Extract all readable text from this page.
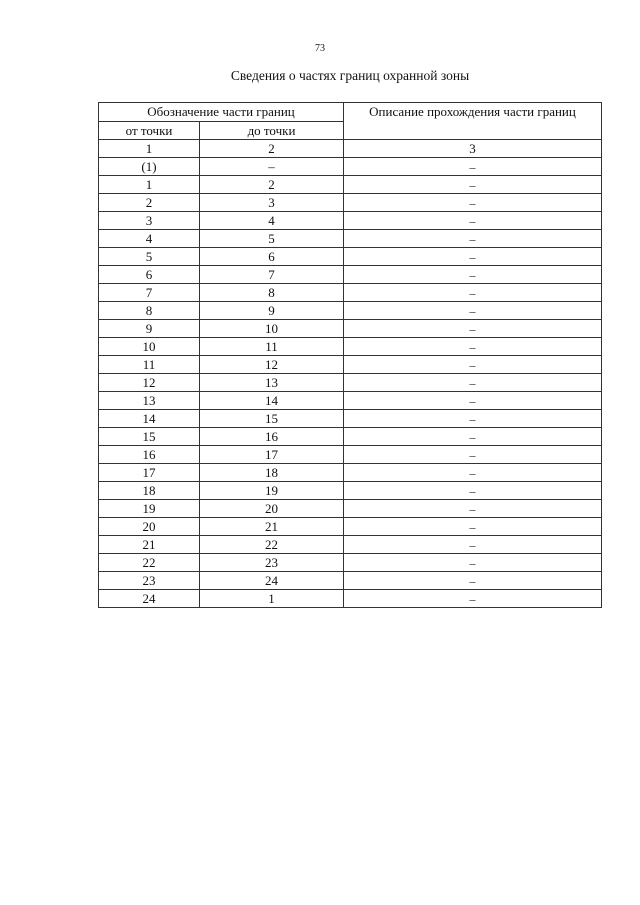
73
Сведения о частях границ охранной зоны
Обозначение части границ		Описание прохождения части границ
от точки	до точки	
1	2	3
(1)	–	–
1	2	–
2	3	–
3	4	–
4	5	–
5	6	–
6	7	–
7	8	–
8	9	–
9	10	–
10	11	–
11	12	–
12	13	–
13	14	–
14	15	–
15	16	–
16	17	–
17	18	–
18	19	–
19	20	–
20	21	–
21	22	–
22	23	–
23	24	–
24	1	–
